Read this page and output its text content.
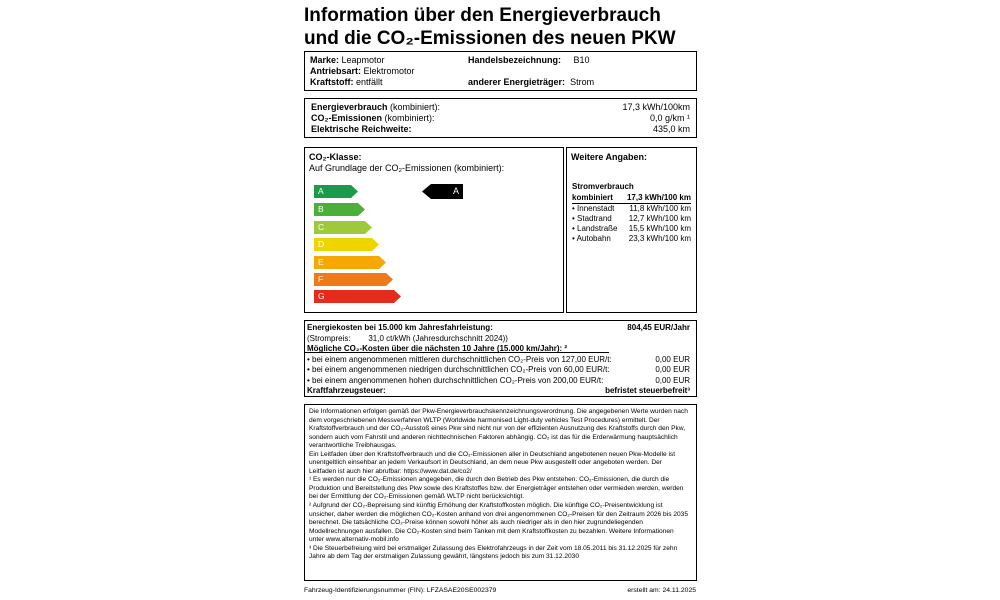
Information über den Energieverbrauch
und die CO₂-Emissionen des neuen PKW
Marke: Leapmotor
Antriebsart: Elektromotor
Kraftstoff: entfällt
Handelsbezeichnung: B10
anderer Energieträger: Strom
Energieverbrauch (kombiniert):	17,3 kWh/100km
CO₂-Emissionen (kombiniert):	0,0 g/km ¹
Elektrische Reichweite:	435,0 km
CO₂-Klasse:
Auf Grundlage der CO₂-Emissionen (kombiniert):
A
B
C
D
E
F
G
A
Weitere Angaben:
Stromverbrauch
kombiniert 17,3 kWh/100 km
• Innenstadt 11,8 kWh/100 km
• Stadtrand 12,7 kWh/100 km
• Landstraße 15,5 kWh/100 km
• Autobahn 23,3 kWh/100 km
Energiekosten bei 15.000 km Jahresfahrleistung:	804,45 EUR/Jahr
(Strompreis:        31,0 ct/kWh (Jahresdurchschnitt 2024))
Mögliche CO₂-Kosten über die nächsten 10 Jahre (15.000 km/Jahr): ²
• bei einem angenommenen mittleren durchschnittlichen CO₂-Preis von 127,00 EUR/t:	0,00 EUR
• bei einem angenommenen niedrigen durchschnittlichen CO₂-Preis von 60,00 EUR/t:	0,00 EUR
• bei einem angenommenen hohen durchschnittlichen CO₂-Preis von 200,00 EUR/t:	0,00 EUR
Kraftfahrzeugsteuer:	befristet steuerbefreit³
Die Informationen erfolgen gemäß der Pkw-Energieverbrauchskennzeichnungsverordnung. Die angegebenen Werte wurden nach
dem vorgeschriebenen Messverfahren WLTP (Worldwide harmonised Light-duty vehicles Test Procedures) ermittelt. Der
Kraftstoffverbrauch und der CO₂-Ausstoß eines Pkw sind nicht nur von der effizienten Ausnutzung des Kraftstoffs durch den Pkw,
sondern auch vom Fahrstil und anderen nichttechnischen Faktoren abhängig. CO₂ ist das für die Erderwärmung hauptsächlich
verantwortliche Treibhausgas.
Ein Leitfaden über den Kraftstoffverbrauch und die CO₂-Emissionen aller in Deutschland angebotenen neuen Pkw-Modelle ist
unentgeltlich einsehbar an jedem Verkaufsort in Deutschland, an dem neue Pkw ausgestellt oder angeboten werden. Der
Leitfaden ist auch hier abrufbar: https://www.dat.de/co2/
¹ Es werden nur die CO₂-Emissionen angegeben, die durch den Betrieb des Pkw entstehen. CO₂-Emissionen, die durch die
Produktion und Bereitstellung des Pkw sowie des Kraftstoffes bzw. der Energieträger entstehen oder vermieden werden, werden
bei der Ermittlung der CO₂-Emissionen gemäß WLTP nicht berücksichtigt.
² Aufgrund der CO₂-Bepreisung sind künftig Erhöhung der Kraftstoffkosten möglich. Die künftige CO₂-Preisentwicklung ist
unsicher, daher werden die möglichen CO₂-Kosten anhand von drei angenommenen CO₂-Preisen für den Zeitraum 2026 bis 2035
berechnet. Die tatsächliche CO₂-Preise können sowohl höher als auch niedriger als in den hier zugrundeliegenden
Modellrechnungen ausfallen. Die CO₂-Kosten sind beim Tanken mit dem Kraftstoffkosten zu bezahlen. Weitere Informationen
unter www.alternativ-mobil.info
³ Die Steuerbefreiung wird bei erstmaliger Zulassung des Elektrofahrzeugs in der Zeit vom 18.05.2011 bis 31.12.2025 für zehn
Jahre ab dem Tag der erstmaligen Zulassung gewährt, längstens jedoch bis zum 31.12.2030
Fahrzeug-Identifizierungsnummer (FIN): LFZASAE20SE002379	erstellt am: 24.11.2025
